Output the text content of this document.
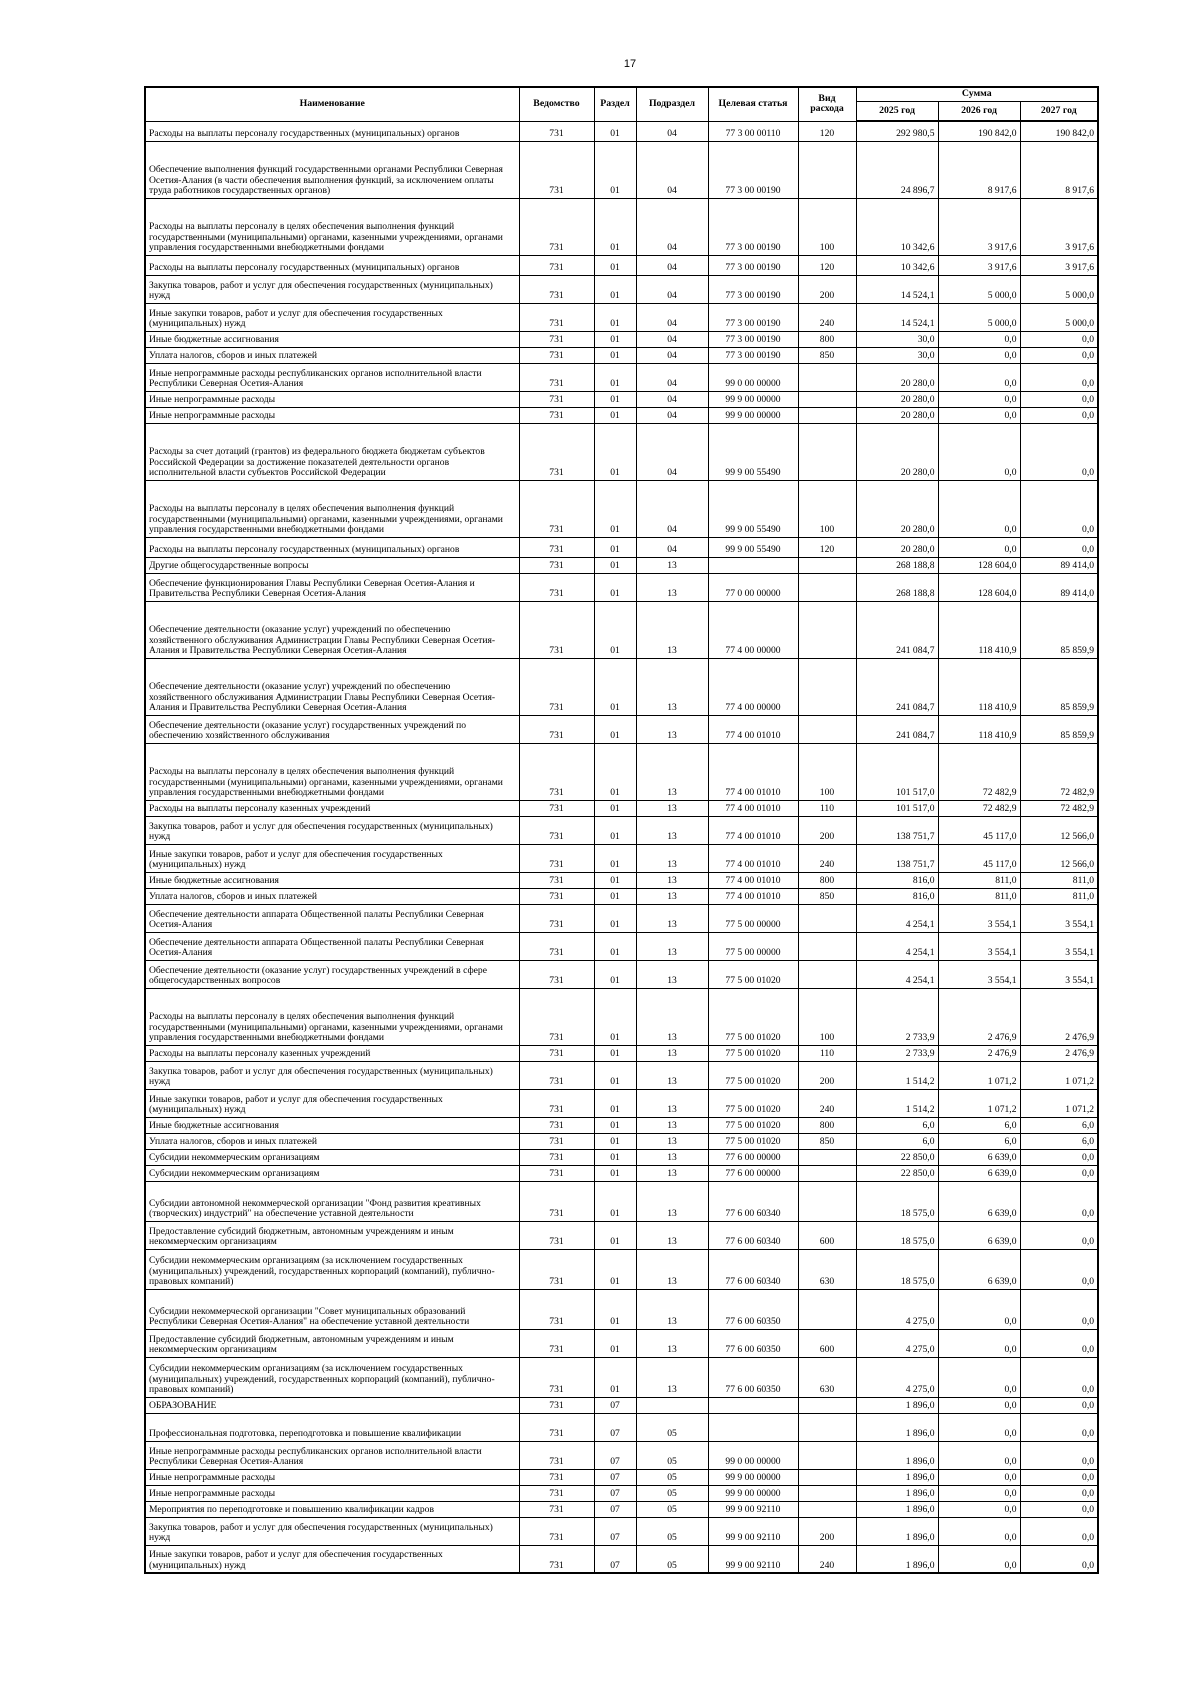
17
Наименование	Ведомство	Раздел	Подраздел	Целевая статья	Вид расхода	Сумма		
						2025 год	2026 год	2027 год
Расходы на выплаты персоналу государственных (муниципальных) органов	731	01	04	77 3 00 00110	120	292 980,5	190 842,0	190 842,0
Обеспечение выполнения функций государственными органами Республики Северная Осетия-Алания (в части обеспечения выполнения функций, за исключением оплаты труда работников государственных органов)	731	01	04	77 3 00 00190		24 896,7	8 917,6	8 917,6
Расходы на выплаты персоналу в целях обеспечения выполнения функций государственными (муниципальными) органами, казенными учреждениями, органами управления государственными внебюджетными фондами	731	01	04	77 3 00 00190	100	10 342,6	3 917,6	3 917,6
Расходы на выплаты персоналу государственных (муниципальных) органов	731	01	04	77 3 00 00190	120	10 342,6	3 917,6	3 917,6
Закупка товаров, работ и услуг для обеспечения государственных (муниципальных) нужд	731	01	04	77 3 00 00190	200	14 524,1	5 000,0	5 000,0
Иные закупки товаров, работ и услуг для обеспечения государственных (муниципальных) нужд	731	01	04	77 3 00 00190	240	14 524,1	5 000,0	5 000,0
Иные бюджетные ассигнования	731	01	04	77 3 00 00190	800	30,0	0,0	0,0
Уплата налогов, сборов и иных платежей	731	01	04	77 3 00 00190	850	30,0	0,0	0,0
Иные непрограммные расходы республиканских органов исполнительной власти Республики Северная Осетия-Алания	731	01	04	99 0 00 00000		20 280,0	0,0	0,0
Иные непрограммные расходы	731	01	04	99 9 00 00000		20 280,0	0,0	0,0
Иные непрограммные расходы	731	01	04	99 9 00 00000		20 280,0	0,0	0,0
Расходы за счет дотаций (грантов) из федерального бюджета бюджетам субъектов Российской Федерации за достижение показателей деятельности органов исполнительной власти субъектов Российской Федерации	731	01	04	99 9 00 55490		20 280,0	0,0	0,0
Расходы на выплаты персоналу в целях обеспечения выполнения функций государственными (муниципальными) органами, казенными учреждениями, органами управления государственными внебюджетными фондами	731	01	04	99 9 00 55490	100	20 280,0	0,0	0,0
Расходы на выплаты персоналу государственных (муниципальных) органов	731	01	04	99 9 00 55490	120	20 280,0	0,0	0,0
Другие общегосударственные вопросы	731	01	13			268 188,8	128 604,0	89 414,0
Обеспечение функционирования Главы Республики Северная Осетия-Алания и Правительства Республики Северная Осетия-Алания	731	01	13	77 0 00 00000		268 188,8	128 604,0	89 414,0
Обеспечение деятельности (оказание услуг) учреждений по обеспечению хозяйственного обслуживания Администрации Главы Республики Северная Осетия-Алания и Правительства Республики Северная Осетия-Алания	731	01	13	77 4 00 00000		241 084,7	118 410,9	85 859,9
Обеспечение деятельности (оказание услуг) учреждений по обеспечению хозяйственного обслуживания Администрации Главы Республики Северная Осетия-Алания и Правительства Республики Северная Осетия-Алания	731	01	13	77 4 00 00000		241 084,7	118 410,9	85 859,9
Обеспечение деятельности (оказание услуг) государственных учреждений по обеспечению хозяйственного обслуживания	731	01	13	77 4 00 01010		241 084,7	118 410,9	85 859,9
Расходы на выплаты персоналу в целях обеспечения выполнения функций государственными (муниципальными) органами, казенными учреждениями, органами управления государственными внебюджетными фондами	731	01	13	77 4 00 01010	100	101 517,0	72 482,9	72 482,9
Расходы на выплаты персоналу казенных учреждений	731	01	13	77 4 00 01010	110	101 517,0	72 482,9	72 482,9
Закупка товаров, работ и услуг для обеспечения государственных (муниципальных) нужд	731	01	13	77 4 00 01010	200	138 751,7	45 117,0	12 566,0
Иные закупки товаров, работ и услуг для обеспечения государственных (муниципальных) нужд	731	01	13	77 4 00 01010	240	138 751,7	45 117,0	12 566,0
Иные бюджетные ассигнования	731	01	13	77 4 00 01010	800	816,0	811,0	811,0
Уплата налогов, сборов и иных платежей	731	01	13	77 4 00 01010	850	816,0	811,0	811,0
Обеспечение деятельности аппарата Общественной палаты Республики Северная Осетия-Алания	731	01	13	77 5 00 00000		4 254,1	3 554,1	3 554,1
Обеспечение деятельности аппарата Общественной палаты Республики Северная Осетия-Алания	731	01	13	77 5 00 00000		4 254,1	3 554,1	3 554,1
Обеспечение деятельности (оказание услуг) государственных учреждений в сфере общегосударственных вопросов	731	01	13	77 5 00 01020		4 254,1	3 554,1	3 554,1
Расходы на выплаты персоналу в целях обеспечения выполнения функций государственными (муниципальными) органами, казенными учреждениями, органами управления государственными внебюджетными фондами	731	01	13	77 5 00 01020	100	2 733,9	2 476,9	2 476,9
Расходы на выплаты персоналу казенных учреждений	731	01	13	77 5 00 01020	110	2 733,9	2 476,9	2 476,9
Закупка товаров, работ и услуг для обеспечения государственных (муниципальных) нужд	731	01	13	77 5 00 01020	200	1 514,2	1 071,2	1 071,2
Иные закупки товаров, работ и услуг для обеспечения государственных (муниципальных) нужд	731	01	13	77 5 00 01020	240	1 514,2	1 071,2	1 071,2
Иные бюджетные ассигнования	731	01	13	77 5 00 01020	800	6,0	6,0	6,0
Уплата налогов, сборов и иных платежей	731	01	13	77 5 00 01020	850	6,0	6,0	6,0
Субсидии некоммерческим организациям	731	01	13	77 6 00 00000		22 850,0	6 639,0	0,0
Субсидии некоммерческим организациям	731	01	13	77 6 00 00000		22 850,0	6 639,0	0,0
Субсидии автономной некоммерческой организации "Фонд развития креативных (творческих) индустрий" на обеспечение уставной деятельности	731	01	13	77 6 00 60340		18 575,0	6 639,0	0,0
Предоставление субсидий бюджетным, автономным учреждениям и иным некоммерческим организациям	731	01	13	77 6 00 60340	600	18 575,0	6 639,0	0,0
Субсидии некоммерческим организациям (за исключением государственных (муниципальных) учреждений, государственных корпораций (компаний), публично-правовых компаний)	731	01	13	77 6 00 60340	630	18 575,0	6 639,0	0,0
Субсидии некоммерческой организации "Совет муниципальных образований Республики Северная Осетия-Алания" на обеспечение уставной деятельности	731	01	13	77 6 00 60350		4 275,0	0,0	0,0
Предоставление субсидий бюджетным, автономным учреждениям и иным некоммерческим организациям	731	01	13	77 6 00 60350	600	4 275,0	0,0	0,0
Субсидии некоммерческим организациям (за исключением государственных (муниципальных) учреждений, государственных корпораций (компаний), публично-правовых компаний)	731	01	13	77 6 00 60350	630	4 275,0	0,0	0,0
ОБРАЗОВАНИЕ	731	07				1 896,0	0,0	0,0
Профессиональная подготовка, переподготовка и повышение квалификации	731	07	05			1 896,0	0,0	0,0
Иные непрограммные расходы республиканских органов исполнительной власти Республики Северная Осетия-Алания	731	07	05	99 0 00 00000		1 896,0	0,0	0,0
Иные непрограммные расходы	731	07	05	99 9 00 00000		1 896,0	0,0	0,0
Иные непрограммные расходы	731	07	05	99 9 00 00000		1 896,0	0,0	0,0
Мероприятия по переподготовке и повышению квалификации кадров	731	07	05	99 9 00 92110		1 896,0	0,0	0,0
Закупка товаров, работ и услуг для обеспечения государственных (муниципальных) нужд	731	07	05	99 9 00 92110	200	1 896,0	0,0	0,0
Иные закупки товаров, работ и услуг для обеспечения государственных (муниципальных) нужд	731	07	05	99 9 00 92110	240	1 896,0	0,0	0,0
